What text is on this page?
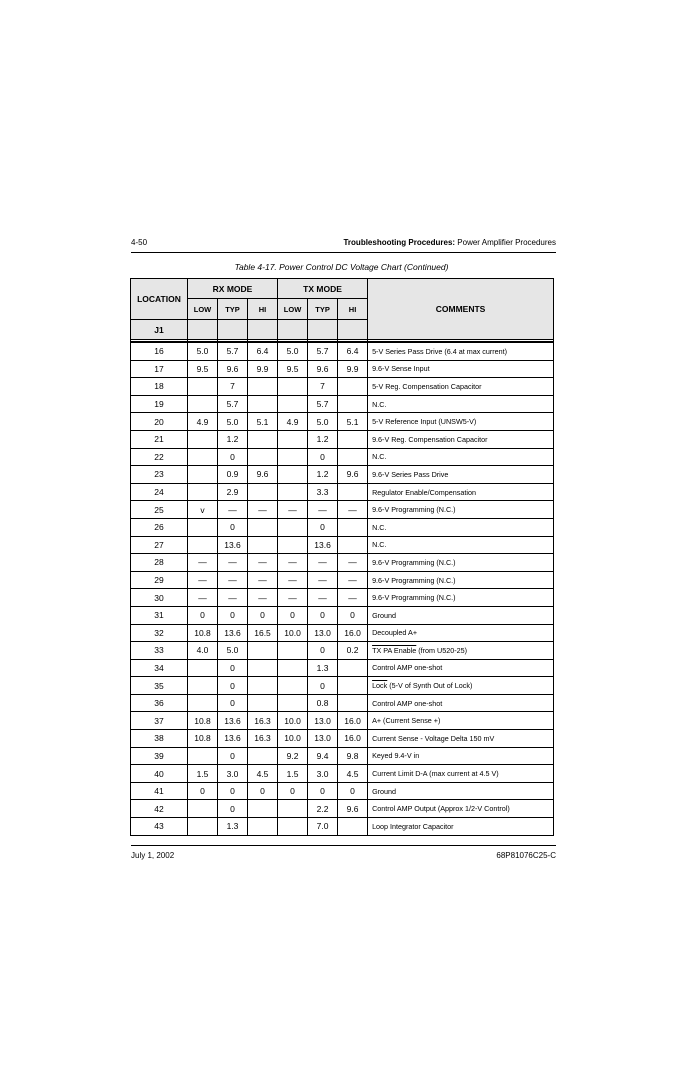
4-50	Troubleshooting Procedures: Power Amplifier Procedures
Table 4-17. Power Control DC Voltage Chart (Continued)
LOCATION	RX MODE			TX MODE			COMMENTS
	LOW	TYP	HI	LOW	TYP	HI	
J1							

16	5.0	5.7	6.4	5.0	5.7	6.4	5-V Series Pass Drive (6.4 at max current)
17	9.5	9.6	9.9	9.5	9.6	9.9	9.6-V Sense Input
18		7			7		5-V Reg. Compensation Capacitor
19		5.7			5.7		N.C.
20	4.9	5.0	5.1	4.9	5.0	5.1	5-V Reference Input (UNSW5-V)
21		1.2			1.2		9.6-V Reg. Compensation Capacitor
22		0			0		N.C.
23		0.9	9.6		1.2	9.6	9.6-V Series Pass Drive
24		2.9			3.3		Regulator Enable/Compensation
25	v	—	—	—	—	—	9.6-V Programming (N.C.)
26		0			0		N.C.
27		13.6			13.6		N.C.
28	—	—	—	—	—	—	9.6-V Programming (N.C.)
29	—	—	—	—	—	—	9.6-V Programming (N.C.)
30	—	—	—	—	—	—	9.6-V Programming (N.C.)
31	0	0	0	0	0	0	Ground
32	10.8	13.6	16.5	10.0	13.0	16.0	Decoupled A+
33	4.0	5.0			0	0.2	TX PA Enable (from U520-25)
34		0			1.3		Control AMP one-shot
35		0			0		Lock (5-V of Synth Out of Lock)
36		0			0.8		Control AMP one-shot
37	10.8	13.6	16.3	10.0	13.0	16.0	A+ (Current Sense +)
38	10.8	13.6	16.3	10.0	13.0	16.0	Current Sense - Voltage Delta 150 mV
39		0		9.2	9.4	9.8	Keyed 9.4-V in
40	1.5	3.0	4.5	1.5	3.0	4.5	Current Limit D-A (max current at 4.5 V)
41	0	0	0	0	0	0	Ground
42		0			2.2	9.6	Control AMP Output (Approx 1/2-V Control)
43		1.3			7.0		Loop Integrator Capacitor
July 1, 2002	68P81076C25-C
